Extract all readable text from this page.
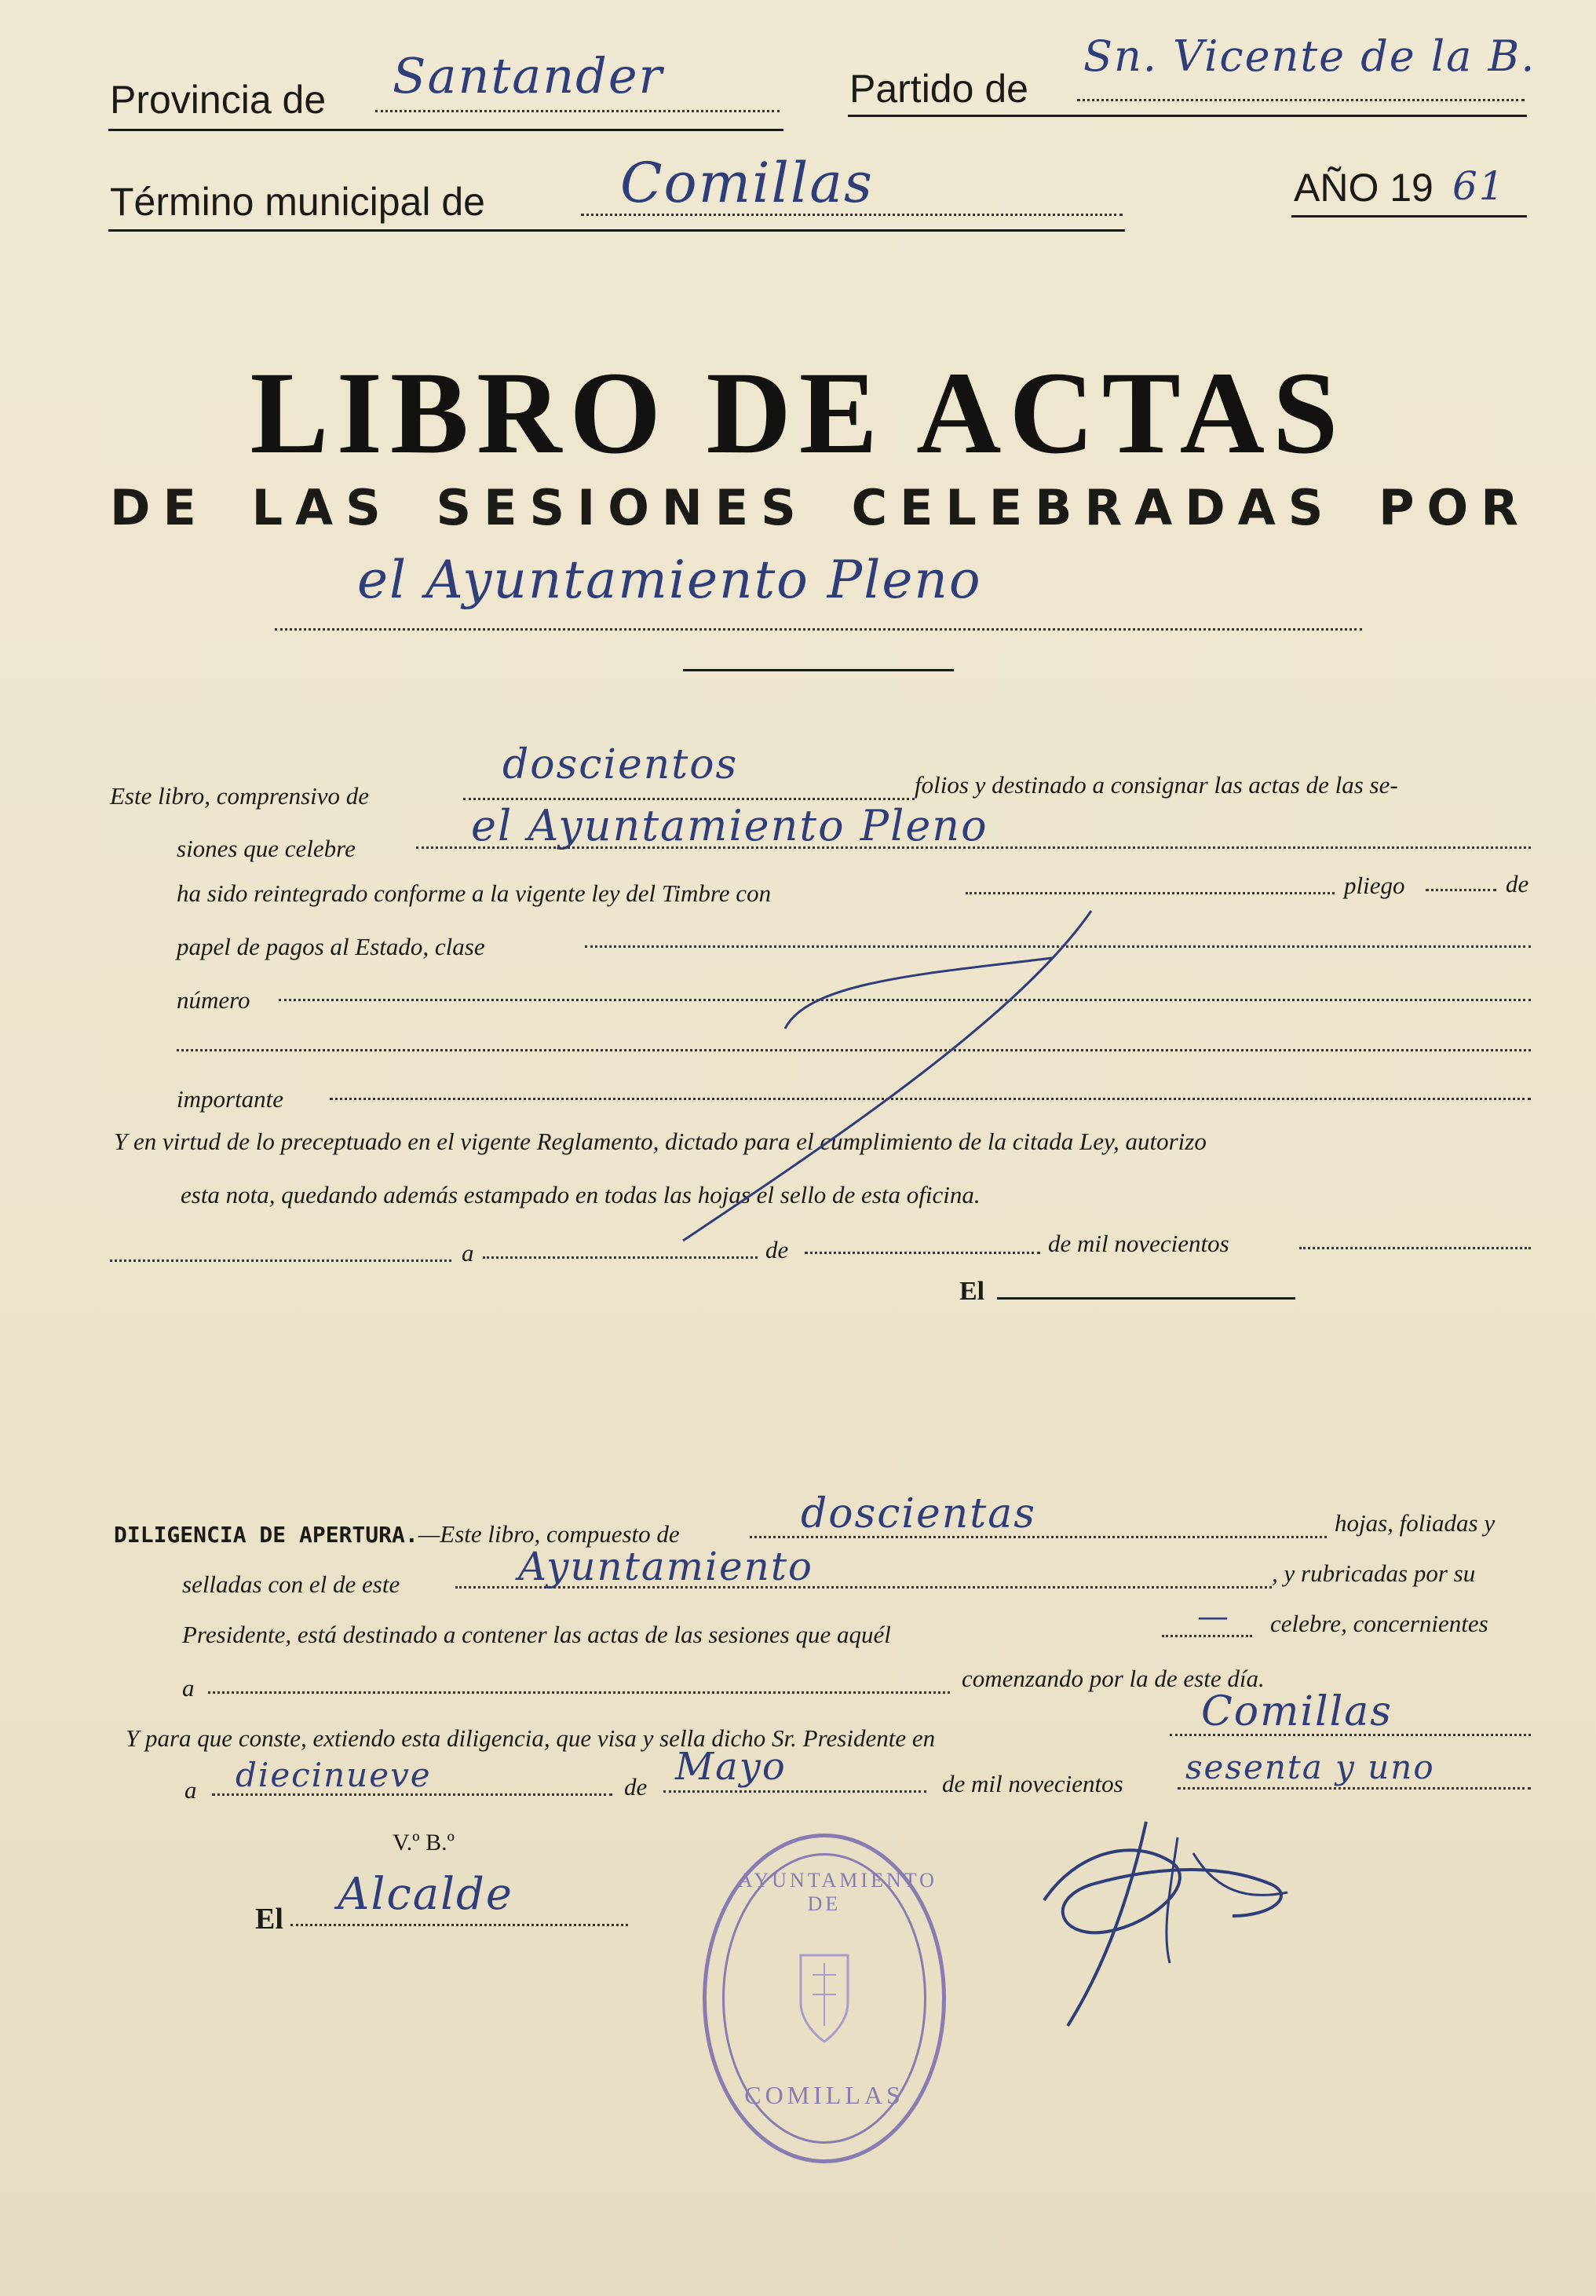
Provincia de Santander	Partido de
Sn. Vicente de la B.
Término municipal de Comillas	AÑO 19 61
LIBRO DE ACTAS
DE LAS SESIONES CELEBRADAS POR
el Ayuntamiento Pleno
Este libro, comprensivo de
doscientos	folios y destinado a consignar las actas de las se-
siones que celebre	el Ayuntamiento Pleno
ha sido reintegrado conforme a la vigente ley del Timbre con	pliego	de
papel de pagos al Estado, clase
número
importante
Y en virtud de lo preceptuado en el vigente Reglamento, dictado para el cumplimiento de la citada Ley, autorizo
esta nota, quedando además estampado en todas las hojas el sello de esta oficina.
a	de	de mil novecientos
El
DILIGENCIA DE APERTURA.—Este libro, compuesto de	doscientas	hojas, foliadas y
selladas con el de este	Ayuntamiento	, y rubricadas por su
Presidente, está destinado a contener las actas de las sesiones que aquél	— celebre, concernientes
a	comenzando por la de este día.
Y para que conste, extiendo esta diligencia, que visa y sella dicho Sr. Presidente en
Comillas
a diecinueve	de Mayo	de mil novecientos sesenta y uno
V.º B.º
El Alcalde	AYUNTAMIENTO DE
COMILLAS
